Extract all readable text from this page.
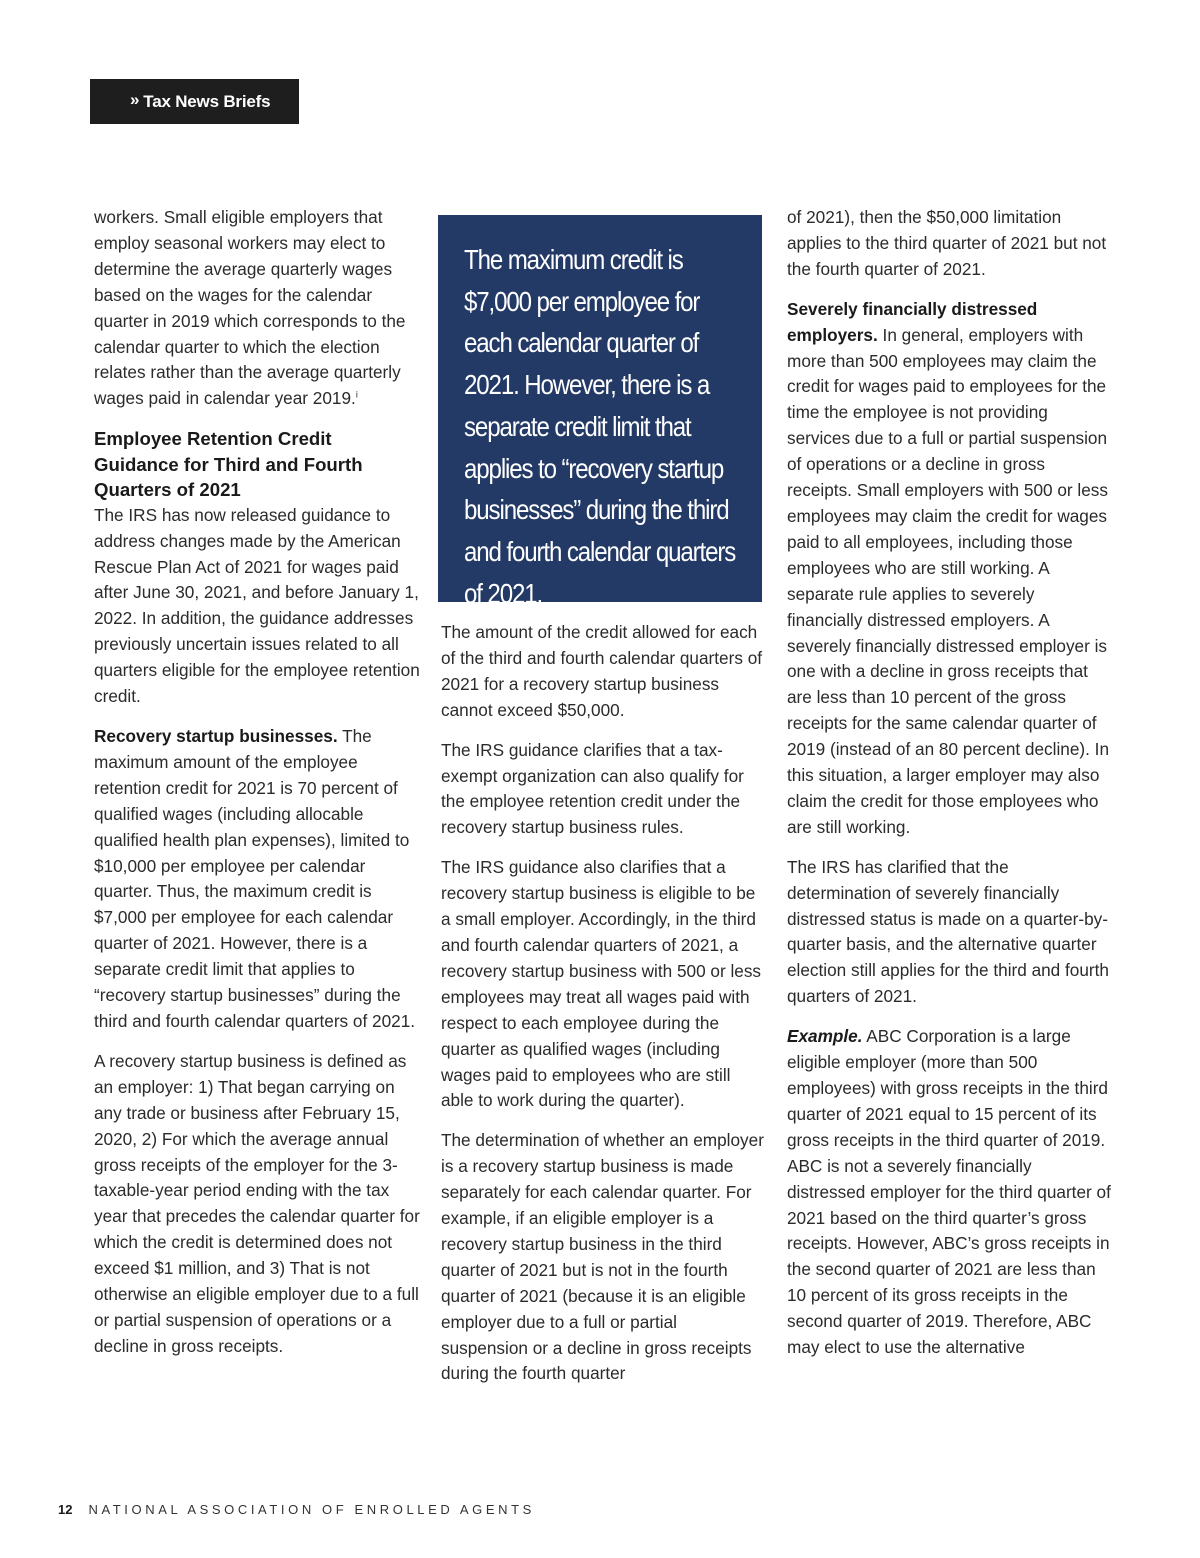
» Tax News Briefs

workers. Small eligible employers that employ seasonal workers may elect to determine the average quarterly wages based on the wages for the calendar quarter in 2019 which corresponds to the calendar quarter to which the election relates rather than the average quarterly wages paid in calendar year 2019.$^i$

Employee Retention Credit Guidance for Third and Fourth Quarters of 2021

The IRS has now released guidance to address changes made by the American Rescue Plan Act of 2021 for wages paid after June 30, 2021, and before January 1, 2022. In addition, the guidance addresses previously uncertain issues related to all quarters eligible for the employee retention credit.

Recovery startup businesses. The maximum amount of the employee retention credit for 2021 is 70 percent of qualified wages (including allocable qualified health plan expenses), limited to $10,000 per employee per calendar quarter. Thus, the maximum credit is $7,000 per employee for each calendar quarter of 2021. However, there is a separate credit limit that applies to “recovery startup businesses” during the third and fourth calendar quarters of 2021.

A recovery startup business is defined as an employer: 1) That began carrying on any trade or business after February 15, 2020, 2) For which the average annual gross receipts of the employer for the 3-taxable-year period ending with the tax year that precedes the calendar quarter for which the credit is determined does not exceed $1 million, and 3) That is not otherwise an eligible employer due to a full or partial suspension of operations or a decline in gross receipts.

The maximum credit is $7,000 per employee for each calendar quarter of 2021. However, there is a separate credit limit that applies to “recovery startup businesses” during the third and fourth calendar quarters of 2021.

The amount of the credit allowed for each of the third and fourth calendar quarters of 2021 for a recovery startup business cannot exceed $50,000.

The IRS guidance clarifies that a tax-exempt organization can also qualify for the employee retention credit under the recovery startup business rules.

The IRS guidance also clarifies that a recovery startup business is eligible to be a small employer. Accordingly, in the third and fourth calendar quarters of 2021, a recovery startup business with 500 or less employees may treat all wages paid with respect to each employee during the quarter as qualified wages (including wages paid to employees who are still able to work during the quarter).

The determination of whether an employer is a recovery startup business is made separately for each calendar quarter. For example, if an eligible employer is a recovery startup business in the third quarter of 2021 but is not in the fourth quarter of 2021 (because it is an eligible employer due to a full or partial suspension or a decline in gross receipts during the fourth quarter

of 2021), then the $50,000 limitation applies to the third quarter of 2021 but not the fourth quarter of 2021.

Severely financially distressed employers. In general, employers with more than 500 employees may claim the credit for wages paid to employees for the time the employee is not providing services due to a full or partial suspension of operations or a decline in gross receipts. Small employers with 500 or less employees may claim the credit for wages paid to all employees, including those employees who are still working. A separate rule applies to severely financially distressed employers. A severely financially distressed employer is one with a decline in gross receipts that are less than 10 percent of the gross receipts for the same calendar quarter of 2019 (instead of an 80 percent decline). In this situation, a larger employer may also claim the credit for those employees who are still working.

The IRS has clarified that the determination of severely financially distressed status is made on a quarter-by-quarter basis, and the alternative quarter election still applies for the third and fourth quarters of 2021.

Example. ABC Corporation is a large eligible employer (more than 500 employees) with gross receipts in the third quarter of 2021 equal to 15 percent of its gross receipts in the third quarter of 2019. ABC is not a severely financially distressed employer for the third quarter of 2021 based on the third quarter’s gross receipts. However, ABC’s gross receipts in the second quarter of 2021 are less than 10 percent of its gross receipts in the second quarter of 2019. Therefore, ABC may elect to use the alternative

12 NATIONAL ASSOCIATION OF ENROLLED AGENTS
